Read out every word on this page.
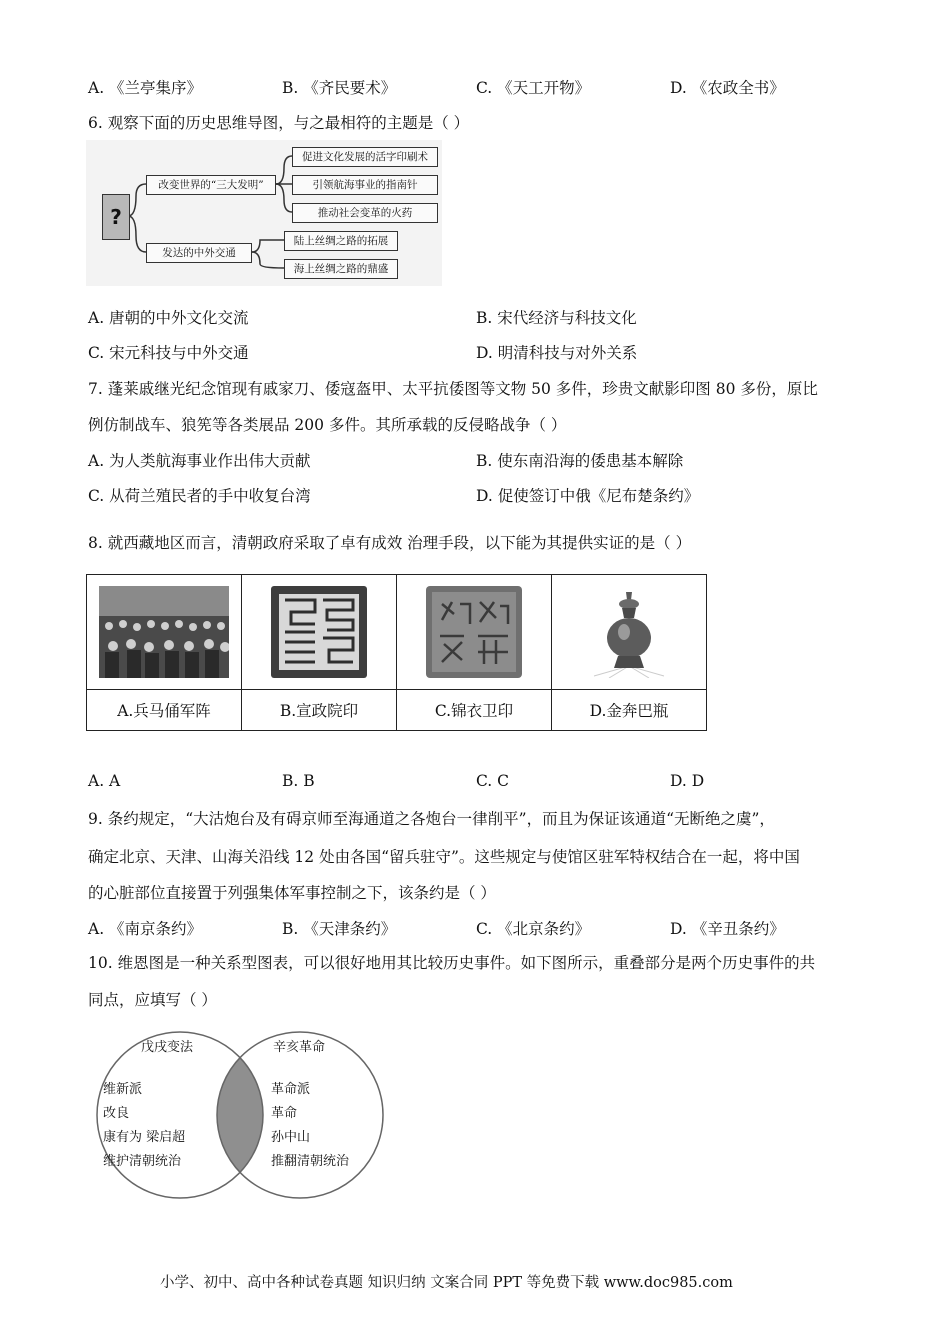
A. 《兰亭集序》	B. 《齐民要术》	C. 《天工开物》	D. 《农政全书》
6. 观察下面的历史思维导图，与之最相符的主题是（ ）
?
改变世界的“三大发明”
促进文化发展的活字印刷术
引领航海事业的指南针
推动社会变革的火药
发达的中外交通
陆上丝绸之路的拓展
海上丝绸之路的鼎盛
A. 唐朝的中外文化交流	B. 宋代经济与科技文化
C. 宋元科技与中外交通	D. 明清科技与对外关系
7. 蓬莱戚继光纪念馆现有戚家刀、倭寇盔甲、太平抗倭图等文物 50 多件，珍贵文献影印图 80 多份，原比
例仿制战车、狼筅等各类展品 200 多件。其所承载的反侵略战争（ ）
A. 为人类航海事业作出伟大贡献	B. 使东南沿海的倭患基本解除
C. 从荷兰殖民者的手中收复台湾	D. 促使签订中俄《尼布楚条约》
8. 就西藏地区而言，清朝政府采取了卓有成效 治理手段，以下能为其提供实证的是（ ）

A.兵马俑军阵	B.宣政院印	C.锦衣卫印	D.金奔巴瓶
A. A	B. B	C. C	D. D
9. 条约规定，“大沽炮台及有碍京师至海通道之各炮台一律削平”，而且为保证该通道“无断绝之虞”，
确定北京、天津、山海关沿线 12 处由各国“留兵驻守”。这些规定与使馆区驻军特权结合在一起，将中国
的心脏部位直接置于列强集体军事控制之下，该条约是（ ）
A. 《南京条约》	B. 《天津条约》	C. 《北京条约》	D. 《辛丑条约》
10. 维恩图是一种关系型图表，可以很好地用其比较历史事件。如下图所示，重叠部分是两个历史事件的共
同点，应填写（ ）
戊戌变法
维新派
改良
康有为 梁启超
维护清朝统治
辛亥革命
革命派
革命
孙中山
推翻清朝统治
小学、初中、高中各种试卷真题 知识归纳 文案合同 PPT 等免费下载 www.doc985.com
